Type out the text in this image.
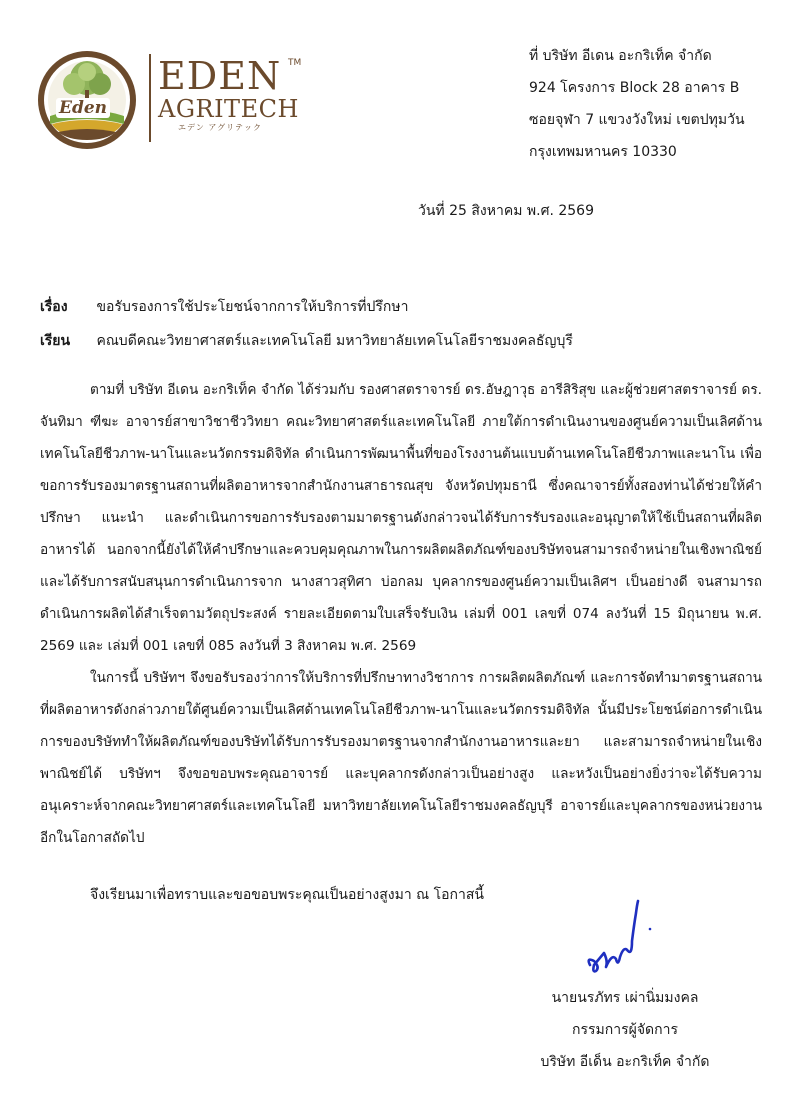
Eden
EDEN
AGRITECH
エデン アグリテック
TM	ที่ บริษัท อีเดน อะกริเท็ค จำกัด
924 โครงการ Block 28 อาคาร B
ซอยจุฬา 7 แขวงวังใหม่ เขตปทุมวัน
กรุงเทพมหานคร 10330
วันที่ 25 สิงหาคม พ.ศ. 2569
เรื่อง ขอรับรองการใช้ประโยชน์จากการให้บริการที่ปรึกษา
เรียน คณบดีคณะวิทยาศาสตร์และเทคโนโลยี มหาวิทยาลัยเทคโนโลยีราชมงคลธัญบุรี

ตามที่ บริษัท อีเดน อะกริเท็ค จำกัด ได้ร่วมกับ รองศาสตราจารย์ ดร.อัษฎาวุธ อารีสิริสุข และผู้ช่วยศาสตราจารย์ ดร. จันทิมา ฑีฆะ อาจารย์สาขาวิชาชีววิทยา คณะวิทยาศาสตร์และเทคโนโลยี ภายใต้การดำเนินงานของศูนย์ความเป็นเลิศด้านเทคโนโลยีชีวภาพ-นาโนและนวัตกรรมดิจิทัล ดำเนินการพัฒนาพื้นที่ของโรงงานต้นแบบด้านเทคโนโลยีชีวภาพและนาโน เพื่อขอการรับรองมาตรฐานสถานที่ผลิตอาหารจากสำนักงานสาธารณสุข จังหวัดปทุมธานี ซึ่งคณาจารย์ทั้งสองท่านได้ช่วยให้คำปรึกษา แนะนำ และดำเนินการขอการรับรองตามมาตรฐานดังกล่าวจนได้รับการรับรองและอนุญาตให้ใช้เป็นสถานที่ผลิตอาหารได้ นอกจากนี้ยังได้ให้คำปรึกษาและควบคุมคุณภาพในการผลิตผลิตภัณฑ์ของบริษัทจนสามารถจำหน่ายในเชิงพาณิชย์ และได้รับการสนับสนุนการดำเนินการจาก นางสาวสุทิศา บ่อกลม บุคลากรของศูนย์ความเป็นเลิศฯ เป็นอย่างดี จนสามารถดำเนินการผลิตได้สำเร็จตามวัตถุประสงค์ รายละเอียดตามใบเสร็จรับเงิน เล่มที่ 001 เลขที่ 074 ลงวันที่ 15 มิถุนายน พ.ศ. 2569 และ เล่มที่ 001 เลขที่ 085 ลงวันที่ 3 สิงหาคม พ.ศ. 2569

ในการนี้ บริษัทฯ จึงขอรับรองว่าการให้บริการที่ปรึกษาทางวิชาการ การผลิตผลิตภัณฑ์ และการจัดทำมาตรฐานสถานที่ผลิตอาหารดังกล่าวภายใต้ศูนย์ความเป็นเลิศด้านเทคโนโลยีชีวภาพ-นาโนและนวัตกรรมดิจิทัล นั้นมีประโยชน์ต่อการดำเนินการของบริษัททำให้ผลิตภัณฑ์ของบริษัทได้รับการรับรองมาตรฐานจากสำนักงานอาหารและยา และสามารถจำหน่ายในเชิงพาณิชย์ได้ บริษัทฯ จึงขอขอบพระคุณอาจารย์ และบุคลากรดังกล่าวเป็นอย่างสูง และหวังเป็นอย่างยิ่งว่าจะได้รับความอนุเคราะห์จากคณะวิทยาศาสตร์และเทคโนโลยี มหาวิทยาลัยเทคโนโลยีราชมงคลธัญบุรี อาจารย์และบุคลากรของหน่วยงานอีกในโอกาสถัดไป

จึงเรียนมาเพื่อทราบและขอขอบพระคุณเป็นอย่างสูงมา ณ โอกาสนี้
นายนรภัทร เผ่านิ่มมงคล
กรรมการผู้จัดการ
บริษัท อีเด็น อะกริเท็ค จำกัด
